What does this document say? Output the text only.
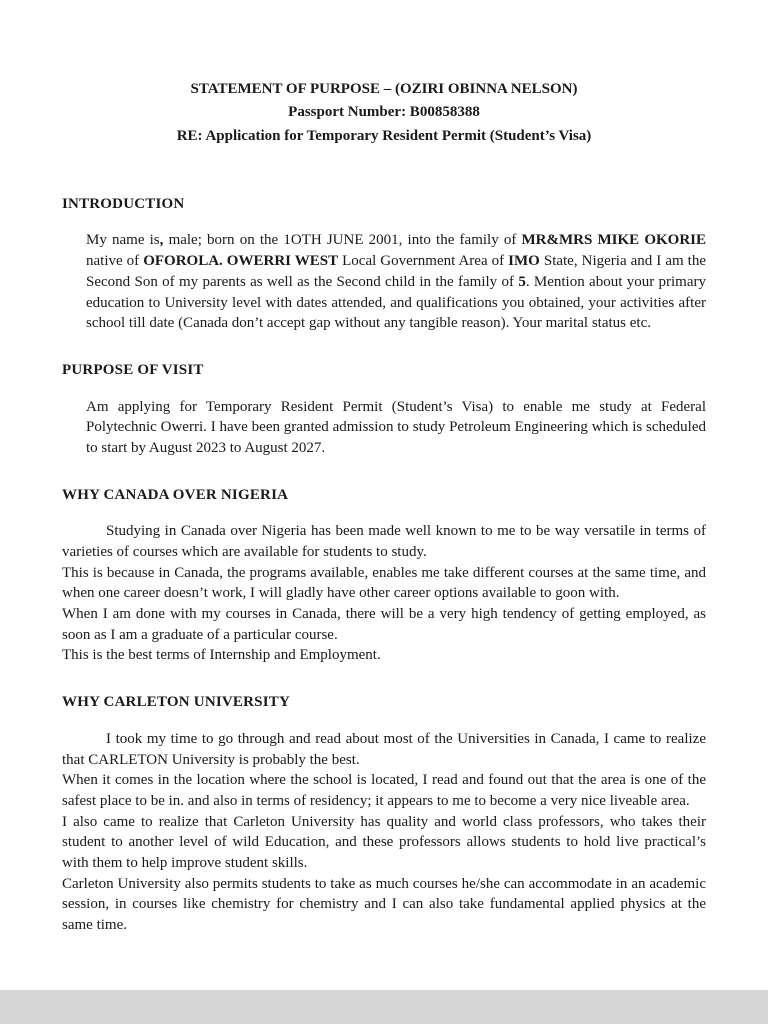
STATEMENT OF PURPOSE – (OZIRI OBINNA NELSON)
Passport Number: B00858388
RE: Application for Temporary Resident Permit (Student’s Visa)
INTRODUCTION

My name is, male; born on the 1OTH JUNE 2001, into the family of MR&MRS MIKE OKORIE native of OFOROLA. OWERRI WEST Local Government Area of IMO State, Nigeria and I am the Second Son of my parents as well as the Second child in the family of 5. Mention about your primary education to University level with dates attended, and qualifications you obtained, your activities after school till date (Canada don’t accept gap without any tangible reason). Your marital status etc.

PURPOSE OF VISIT

Am applying for Temporary Resident Permit (Student’s Visa) to enable me study at Federal Polytechnic Owerri. I have been granted admission to study Petroleum Engineering which is scheduled to start by August 2023 to August 2027.

WHY CANADA OVER NIGERIA

Studying in Canada over Nigeria has been made well known to me to be way versatile in terms of varieties of courses which are available for students to study.

This is because in Canada, the programs available, enables me take different courses at the same time, and when one career doesn’t work, I will gladly have other career options available to goon with.

When I am done with my courses in Canada, there will be a very high tendency of getting employed, as soon as I am a graduate of a particular course.

This is the best terms of Internship and Employment.

WHY CARLETON UNIVERSITY

I took my time to go through and read about most of the Universities in Canada, I came to realize that CARLETON University is probably the best.

When it comes in the location where the school is located, I read and found out that the area is one of the safest place to be in. and also in terms of residency; it appears to me to become a very nice liveable area.

I also came to realize that Carleton University has quality and world class professors, who takes their student to another level of wild Education, and these professors allows students to hold live practical’s with them to help improve student skills.

Carleton University also permits students to take as much courses he/she can accommodate in an academic session, in courses like chemistry for chemistry and I can also take fundamental applied physics at the same time.
